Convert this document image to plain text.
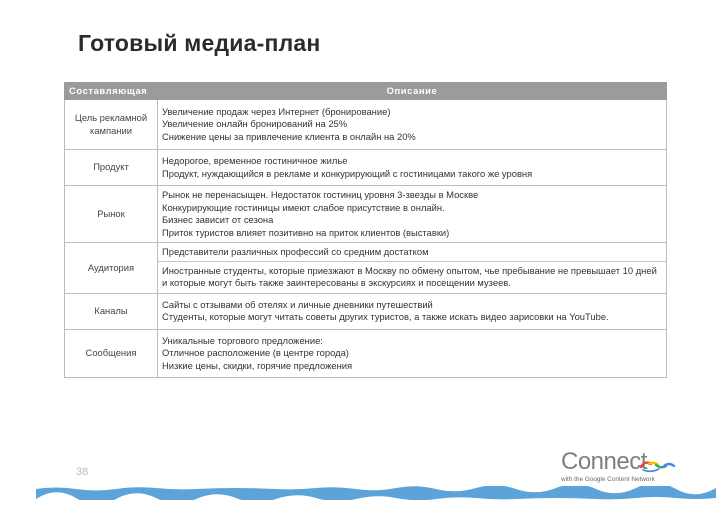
Готовый медиа-план
Составляющая	Описание
Цель рекламной кампании	Увеличение продаж через Интернет (бронирование)
Увеличение онлайн бронирований на 25%
Снижение цены за привлечение клиента в онлайн на 20%

Продукт	Недорогое, временное гостиничное жилье
Продукт, нуждающийся в рекламе и конкурирующий с гостиницами такого же уровня

Рынок	Рынок не перенасыщен. Недостаток гостиниц уровня 3-звезды в Москве
Конкурирующие гостиницы имеют слабое присутствие в онлайн.
Бизнес зависит от сезона
Приток туристов влияет позитивно на приток клиентов (выставки)

Аудитория	Представители различных профессий со средним достатком
Иностранные студенты, которые приезжают в Москву по обмену опытом, чье пребывание не превышает 10 дней и которые могут быть также заинтересованы в экскурсиях и посещении музеев.

Каналы	Сайты с отзывами об отелях и личные дневники путешествий
Студенты, которые могут читать советы других туристов, а также искать видео зарисовки на YouTube.

Сообщения	Уникальные торгового предложение:
Отличное расположение (в центре города)
Низкие цены, скидки, горячие предложения
38	Connect
with the Google Content Network
